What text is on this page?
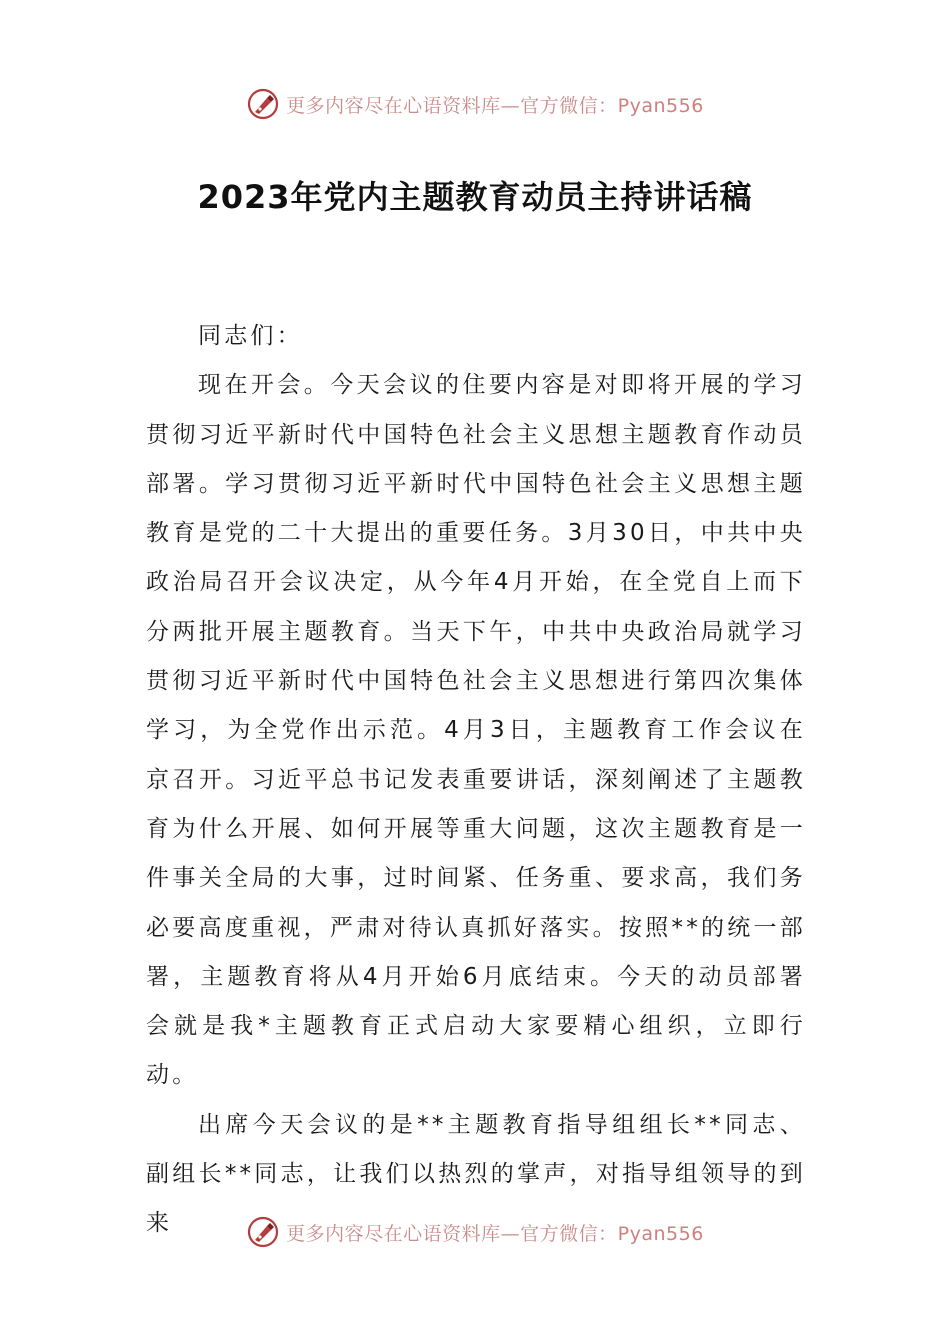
更多内容尽在心语资料库—官方微信：Pyan556
2023年党内主题教育动员主持讲话稿

同志们：

现在开会。今天会议的住要内容是对即将开展的学习贯彻习近平新时代中国特色社会主义思想主题教育作动员部署。学习贯彻习近平新时代中国特色社会主义思想主题教育是党的二十大提出的重要任务。3月30日，中共中央政治局召开会议决定，从今年4月开始，在全党自上而下分两批开展主题教育。当天下午，中共中央政治局就学习贯彻习近平新时代中国特色社会主义思想进行第四次集体学习，为全党作出示范。4月3日，主题教育工作会议在京召开。习近平总书记发表重要讲话，深刻阐述了主题教育为什么开展、如何开展等重大问题，这次主题教育是一件事关全局的大事，过时间紧、任务重、要求高，我们务必要高度重视，严肃对待认真抓好落实。按照**的统一部署，主题教育将从4月开始6月底结束。今天的动员部署会就是我*主题教育正式启动大家要精心组织，立即行动。

出席今天会议的是**主题教育指导组组长**同志、副组长**同志，让我们以热烈的掌声，对指导组领导的到来	更多内容尽在心语资料库—官方微信：Pyan556
